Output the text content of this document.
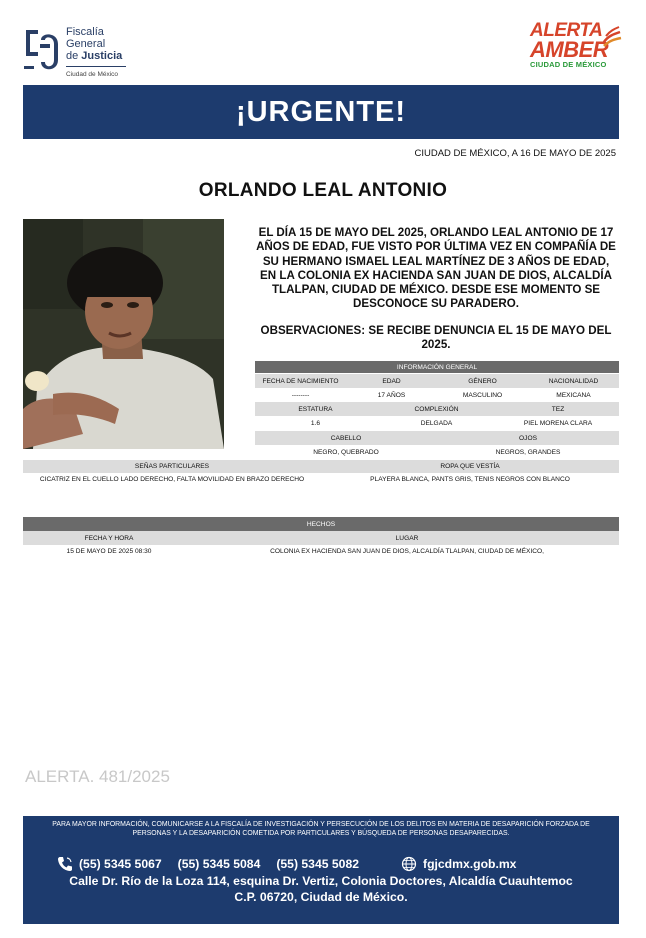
Fiscalía
General
de Justicia
Ciudad de México
ALERTA
AMBER
CIUDAD DE MÉXICO
¡URGENTE!
CIUDAD DE MÉXICO, A 16 DE MAYO DE 2025
ORLANDO LEAL ANTONIO
EL DÍA 15 DE MAYO DEL 2025, ORLANDO LEAL ANTONIO DE 17 AÑOS DE EDAD, FUE VISTO POR ÚLTIMA VEZ EN COMPAÑÍA DE SU HERMANO ISMAEL LEAL MARTÍNEZ DE 3 AÑOS DE EDAD, EN LA COLONIA EX HACIENDA SAN JUAN DE DIOS, ALCALDÍA TLALPAN, CIUDAD DE MÉXICO. DESDE ESE MOMENTO SE DESCONOCE SU PARADERO.
OBSERVACIONES: SE RECIBE DENUNCIA EL 15 DE MAYO DEL 2025.
INFORMACIÓN GENERAL
FECHA DE NACIMIENTO	EDAD	GÉNERO	NACIONALIDAD
--------	17 AÑOS	MASCULINO	MEXICANA
ESTATURA	COMPLEXIÓN	TEZ
1.6	DELGADA	PIEL MORENA CLARA
CABELLO	OJOS
NEGRO, QUEBRADO	NEGROS, GRANDES
SEÑAS PARTICULARES	ROPA QUE VESTÍA
CICATRIZ EN EL CUELLO LADO DERECHO, FALTA MOVILIDAD EN BRAZO DERECHO	PLAYERA BLANCA, PANTS GRIS, TENIS NEGROS CON BLANCO
HECHOS
FECHA Y HORA	LUGAR
15 DE MAYO DE 2025 08:30	COLONIA EX HACIENDA SAN JUAN DE DIOS, ALCALDÍA TLALPAN, CIUDAD DE MÉXICO,
ALERTA. 481/2025
PARA MAYOR INFORMACIÓN, COMUNICARSE A LA FISCALÍA DE INVESTIGACIÓN Y PERSECUCIÓN DE LOS DELITOS EN MATERIA DE DESAPARICIÓN FORZADA DE PERSONAS Y LA DESAPARICIÓN COMETIDA POR PARTICULARES Y BÚSQUEDA DE PERSONAS DESAPARECIDAS.
(55) 5345 5067 (55) 5345 5084 (55) 5345 5082	fgjcdmx.gob.mx
Calle Dr. Río de la Loza 114, esquina Dr. Vertiz, Colonia Doctores, Alcaldía Cuauhtemoc
C.P. 06720, Ciudad de México.
